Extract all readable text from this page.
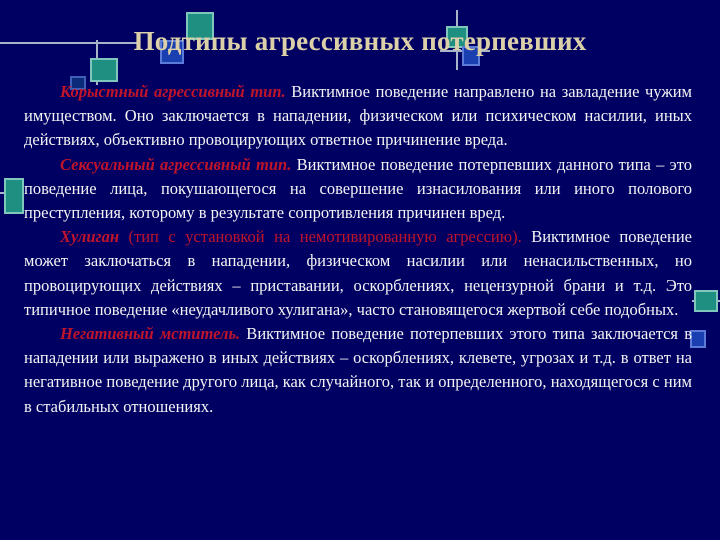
Подтипы агрессивных потерпевших

Корыстный агрессивный тип. Виктимное поведение направлено на завладение чужим имуществом. Оно заключается в нападении, физическом или психическом насилии, иных действиях, объективно провоцирующих ответное причинение вреда.

Сексуальный агрессивный тип. Виктимное поведение потерпевших данного типа – это поведение лица, покушающегося на совершение изнасилования или иного полового преступления, которому в результате сопротивления причинен вред.

Хулиган (тип с установкой на немотивированную агрессию). Виктимное поведение может заключаться в нападении, физическом насилии или ненасильственных, но провоцирующих действиях – приставании, оскорблениях, нецензурной брани и т.д. Это типичное поведение «неудачливого хулигана», часто становящегося жертвой себе подобных.

Негативный мститель. Виктимное поведение потерпевших этого типа заключается в нападении или выражено в иных действиях – оскорблениях, клевете, угрозах и т.д. в ответ на негативное поведение другого лица, как случайного, так и определенного, находящегося с ним в стабильных отношениях.
